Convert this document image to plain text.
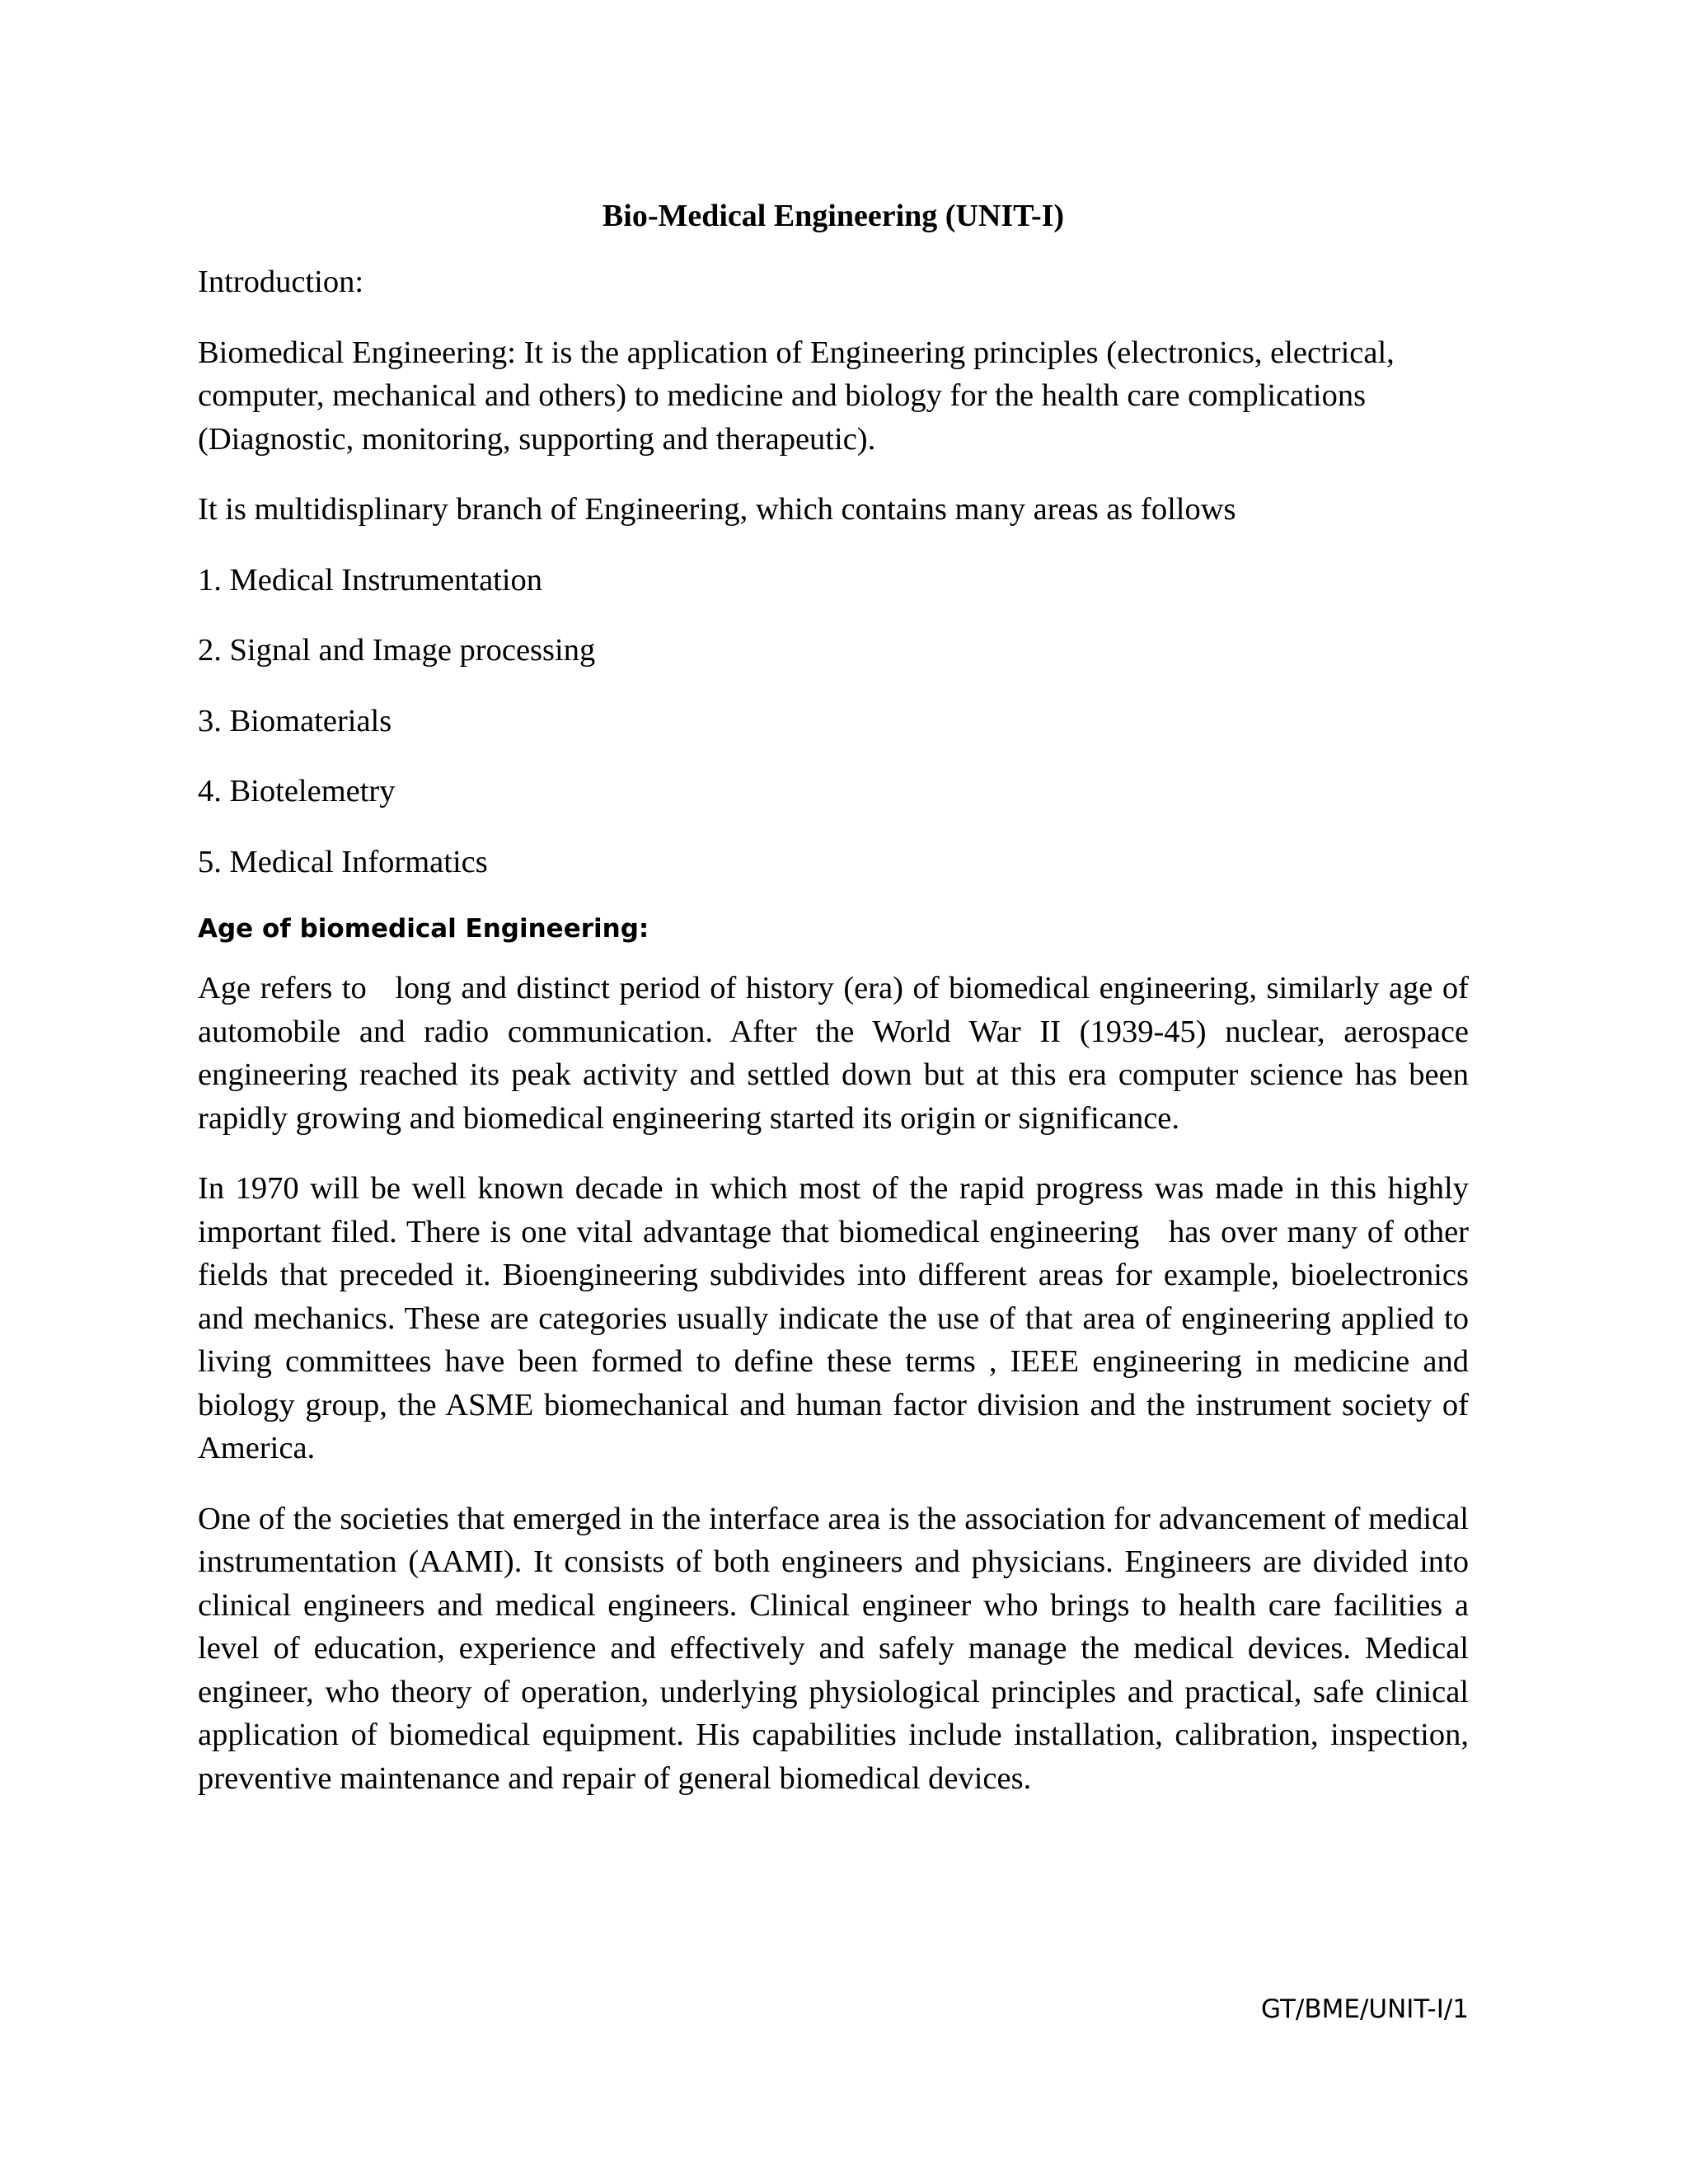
Bio-Medical Engineering (UNIT-I)
Introduction:
Biomedical Engineering: It is the application of Engineering principles (electronics, electrical, computer, mechanical and others) to medicine and biology for the health care complications (Diagnostic, monitoring, supporting and therapeutic).
It is multidisplinary branch of Engineering, which contains many areas as follows
1. Medical Instrumentation
2. Signal and Image processing
3. Biomaterials
4. Biotelemetry
5. Medical Informatics
Age of biomedical Engineering:
Age refers to   long and distinct period of history (era) of biomedical engineering, similarly age of automobile and radio communication. After the World War II (1939-45) nuclear, aerospace engineering reached its peak activity and settled down but at this era computer science has been rapidly growing and biomedical engineering started its origin or significance.
In 1970 will be well known decade in which most of the rapid progress was made in this highly important filed. There is one vital advantage that biomedical engineering   has over many of other fields that preceded it. Bioengineering subdivides into different areas for example, bioelectronics and mechanics. These are categories usually indicate the use of that area of engineering applied to living committees have been formed to define these terms , IEEE engineering in medicine and biology group, the ASME biomechanical and human factor division and the instrument society of America.
One of the societies that emerged in the interface area is the association for advancement of medical instrumentation (AAMI). It consists of both engineers and physicians. Engineers are divided into clinical engineers and medical engineers. Clinical engineer who brings to health care facilities a level of education, experience and effectively and safely manage the medical devices. Medical engineer, who theory of operation, underlying physiological principles and practical, safe clinical application of biomedical equipment. His capabilities include installation, calibration, inspection, preventive maintenance and repair of general biomedical devices.
GT/BME/UNIT-I/1
